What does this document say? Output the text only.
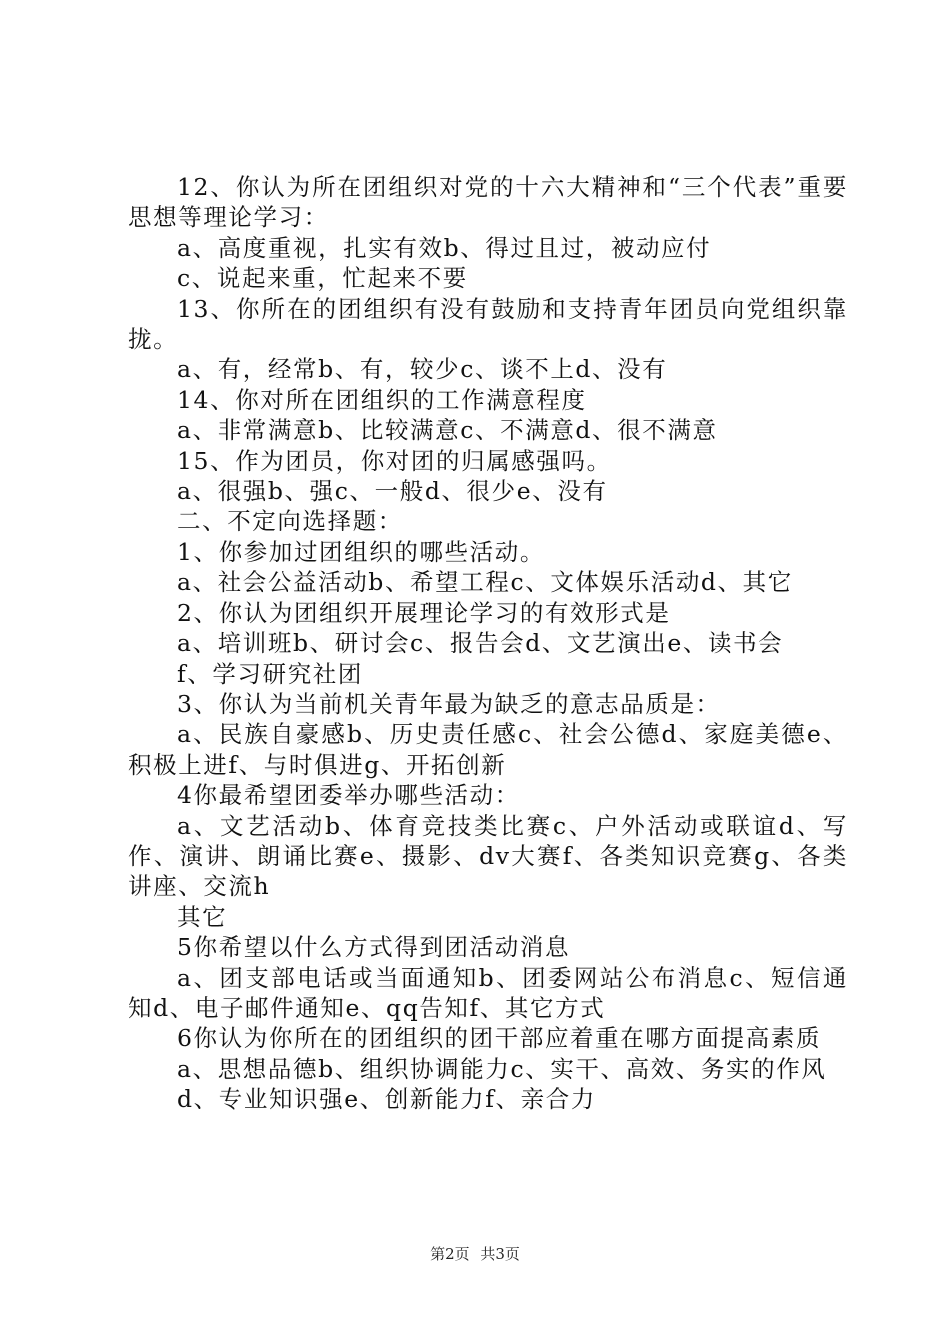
12、你认为所在团组织对党的十六大精神和“三个代表”重要思想等理论学习：

a、高度重视，扎实有效b、得过且过，被动应付

c、说起来重，忙起来不要

13、你所在的团组织有没有鼓励和支持青年团员向党组织靠拢。

a、有，经常b、有，较少c、谈不上d、没有

14、你对所在团组织的工作满意程度

a、非常满意b、比较满意c、不满意d、很不满意

15、作为团员，你对团的归属感强吗。

a、很强b、强c、一般d、很少e、没有

二、不定向选择题：

1、你参加过团组织的哪些活动。

a、社会公益活动b、希望工程c、文体娱乐活动d、其它

2、你认为团组织开展理论学习的有效形式是

a、培训班b、研讨会c、报告会d、文艺演出e、读书会

f、学习研究社团

3、你认为当前机关青年最为缺乏的意志品质是：

a、民族自豪感b、历史责任感c、社会公德d、家庭美德e、积极上进f、与时俱进g、开拓创新

4你最希望团委举办哪些活动：

a、文艺活动b、体育竞技类比赛c、户外活动或联谊d、写作、演讲、朗诵比赛e、摄影、dv大赛f、各类知识竞赛g、各类讲座、交流h

其它

5你希望以什么方式得到团活动消息

a、团支部电话或当面通知b、团委网站公布消息c、短信通知d、电子邮件通知e、qq告知f、其它方式

6你认为你所在的团组织的团干部应着重在哪方面提高素质

a、思想品德b、组织协调能力c、实干、高效、务实的作风

d、专业知识强e、创新能力f、亲合力

第2页 共3页
